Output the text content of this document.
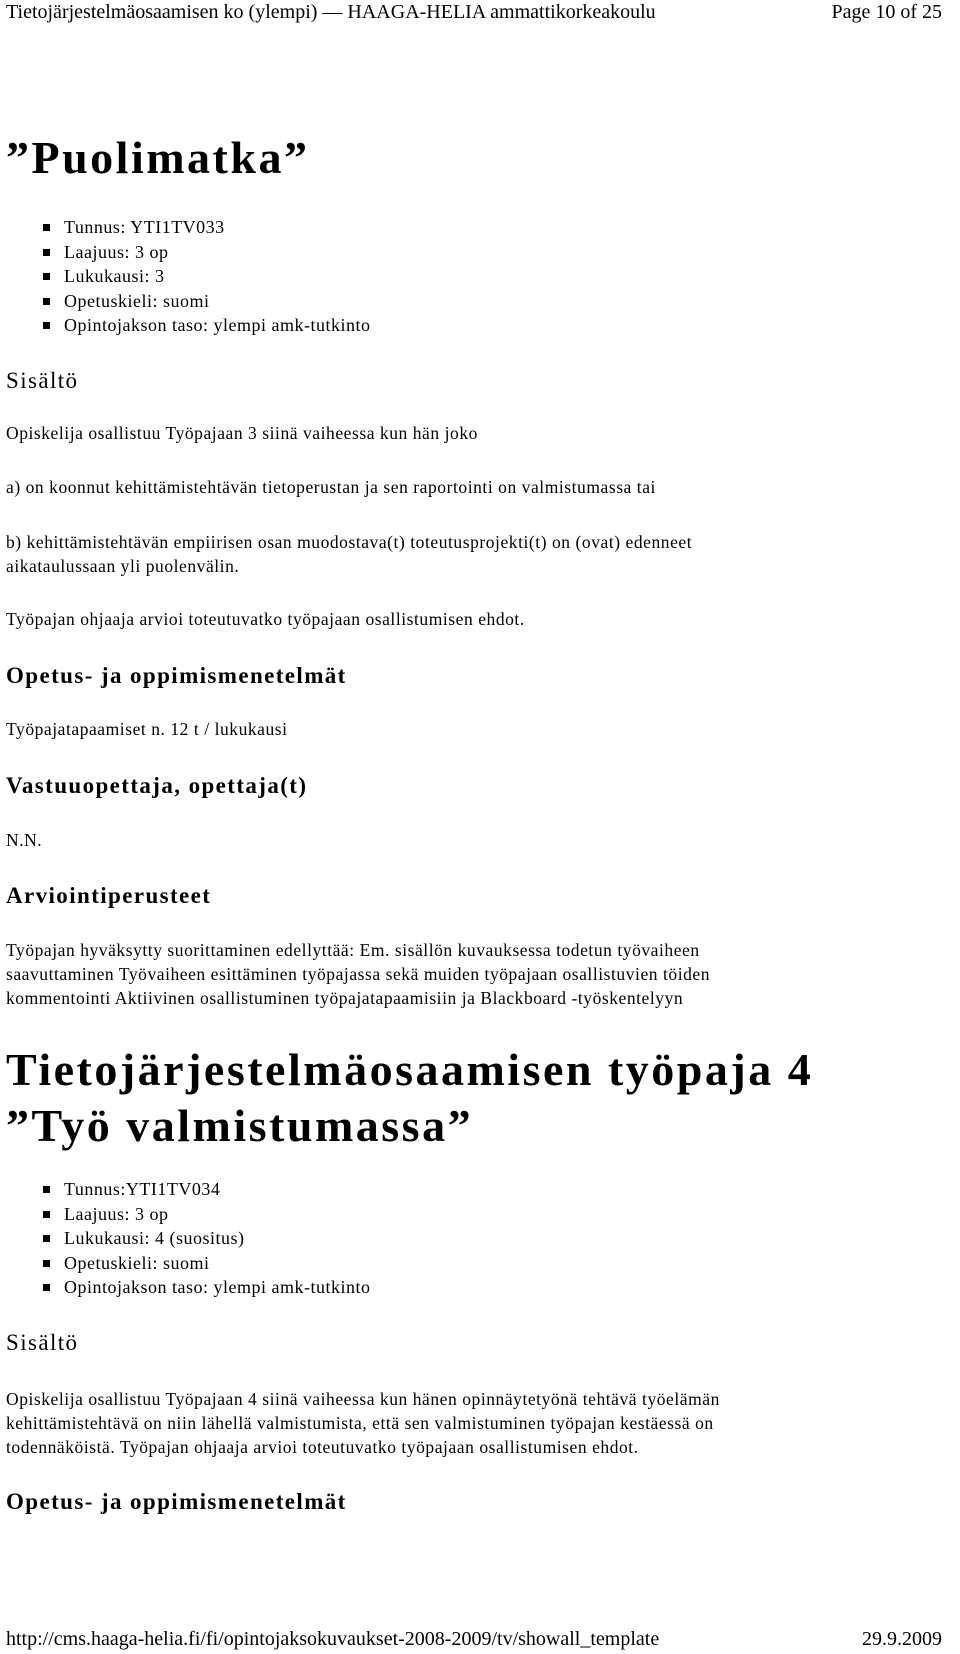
Tietojärjestelmäosaamisen ko (ylempi) — HAAGA-HELIA ammattikorkeakoulu	Page 10 of 25
”Puolimatka”
Tunnus: YTI1TV033
Laajuus: 3 op
Lukukausi: 3
Opetuskieli: suomi
Opintojakson taso: ylempi amk-tutkinto
Sisältö
Opiskelija osallistuu Työpajaan 3 siinä vaiheessa kun hän joko
a) on koonnut kehittämistehtävän tietoperustan ja sen raportointi on valmistumassa tai
b) kehittämistehtävän empiirisen osan muodostava(t) toteutusprojekti(t) on (ovat) edenneet
aikataulussaan yli puolenvälin.
Työpajan ohjaaja arvioi toteutuvatko työpajaan osallistumisen ehdot.
Opetus- ja oppimismenetelmät
Työpajatapaamiset n. 12 t / lukukausi
Vastuuopettaja, opettaja(t)
N.N.
Arviointiperusteet
Työpajan hyväksytty suorittaminen edellyttää: Em. sisällön kuvauksessa todetun työvaiheen
saavuttaminen Työvaiheen esittäminen työpajassa sekä muiden työpajaan osallistuvien töiden
kommentointi Aktiivinen osallistuminen työpajatapaamisiin ja Blackboard -työskentelyyn
Tietojärjestelmäosaamisen työpaja 4
”Työ valmistumassa”
Tunnus:YTI1TV034
Laajuus: 3 op
Lukukausi: 4 (suositus)
Opetuskieli: suomi
Opintojakson taso: ylempi amk-tutkinto
Sisältö
Opiskelija osallistuu Työpajaan 4 siinä vaiheessa kun hänen opinnäytetyönä tehtävä työelämän
kehittämistehtävä on niin lähellä valmistumista, että sen valmistuminen työpajan kestäessä on
todennäköistä. Työpajan ohjaaja arvioi toteutuvatko työpajaan osallistumisen ehdot.
Opetus- ja oppimismenetelmät
http://cms.haaga-helia.fi/fi/opintojaksokuvaukset-2008-2009/tv/showall_template	29.9.2009
